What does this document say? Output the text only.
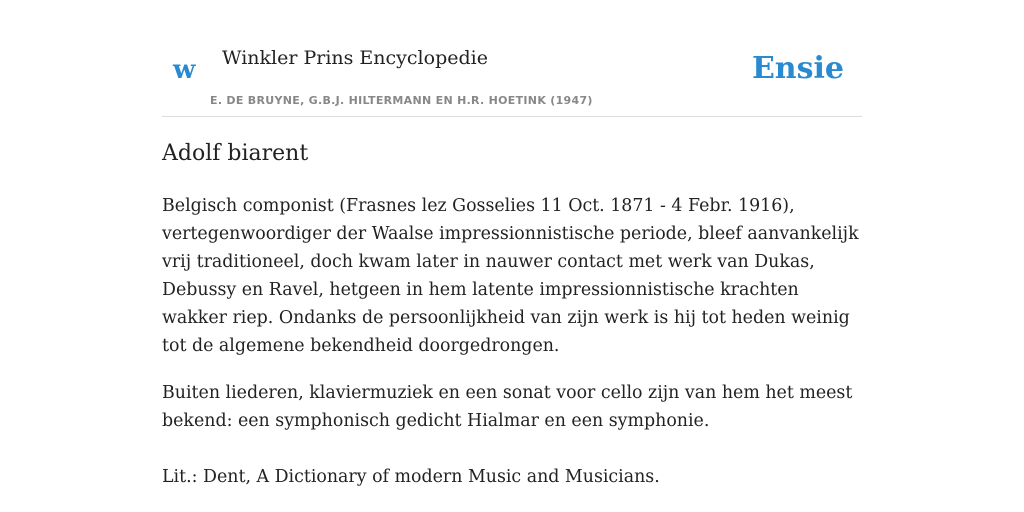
w Winkler Prins Encyclopedie
E. DE BRUYNE, G.B.J. HILTERMANN EN H.R. HOETINK (1947)
Ensie
Adolf biarent

Belgisch componist (Frasnes lez Gosselies 11 Oct. 1871 - 4 Febr. 1916), vertegenwoordiger der Waalse impressionnistische periode, bleef aanvankelijk vrij traditioneel, doch kwam later in nauwer contact met werk van Dukas, Debussy en Ravel, hetgeen in hem latente impressionnistische krachten wakker riep. Ondanks de persoonlijkheid van zijn werk is hij tot heden weinig tot de algemene bekendheid doorgedrongen.

Buiten liederen, klaviermuziek en een sonat voor cello zijn van hem het meest bekend: een symphonisch gedicht Hialmar en een symphonie.

Lit.: Dent, A Dictionary of modern Music and Musicians.
